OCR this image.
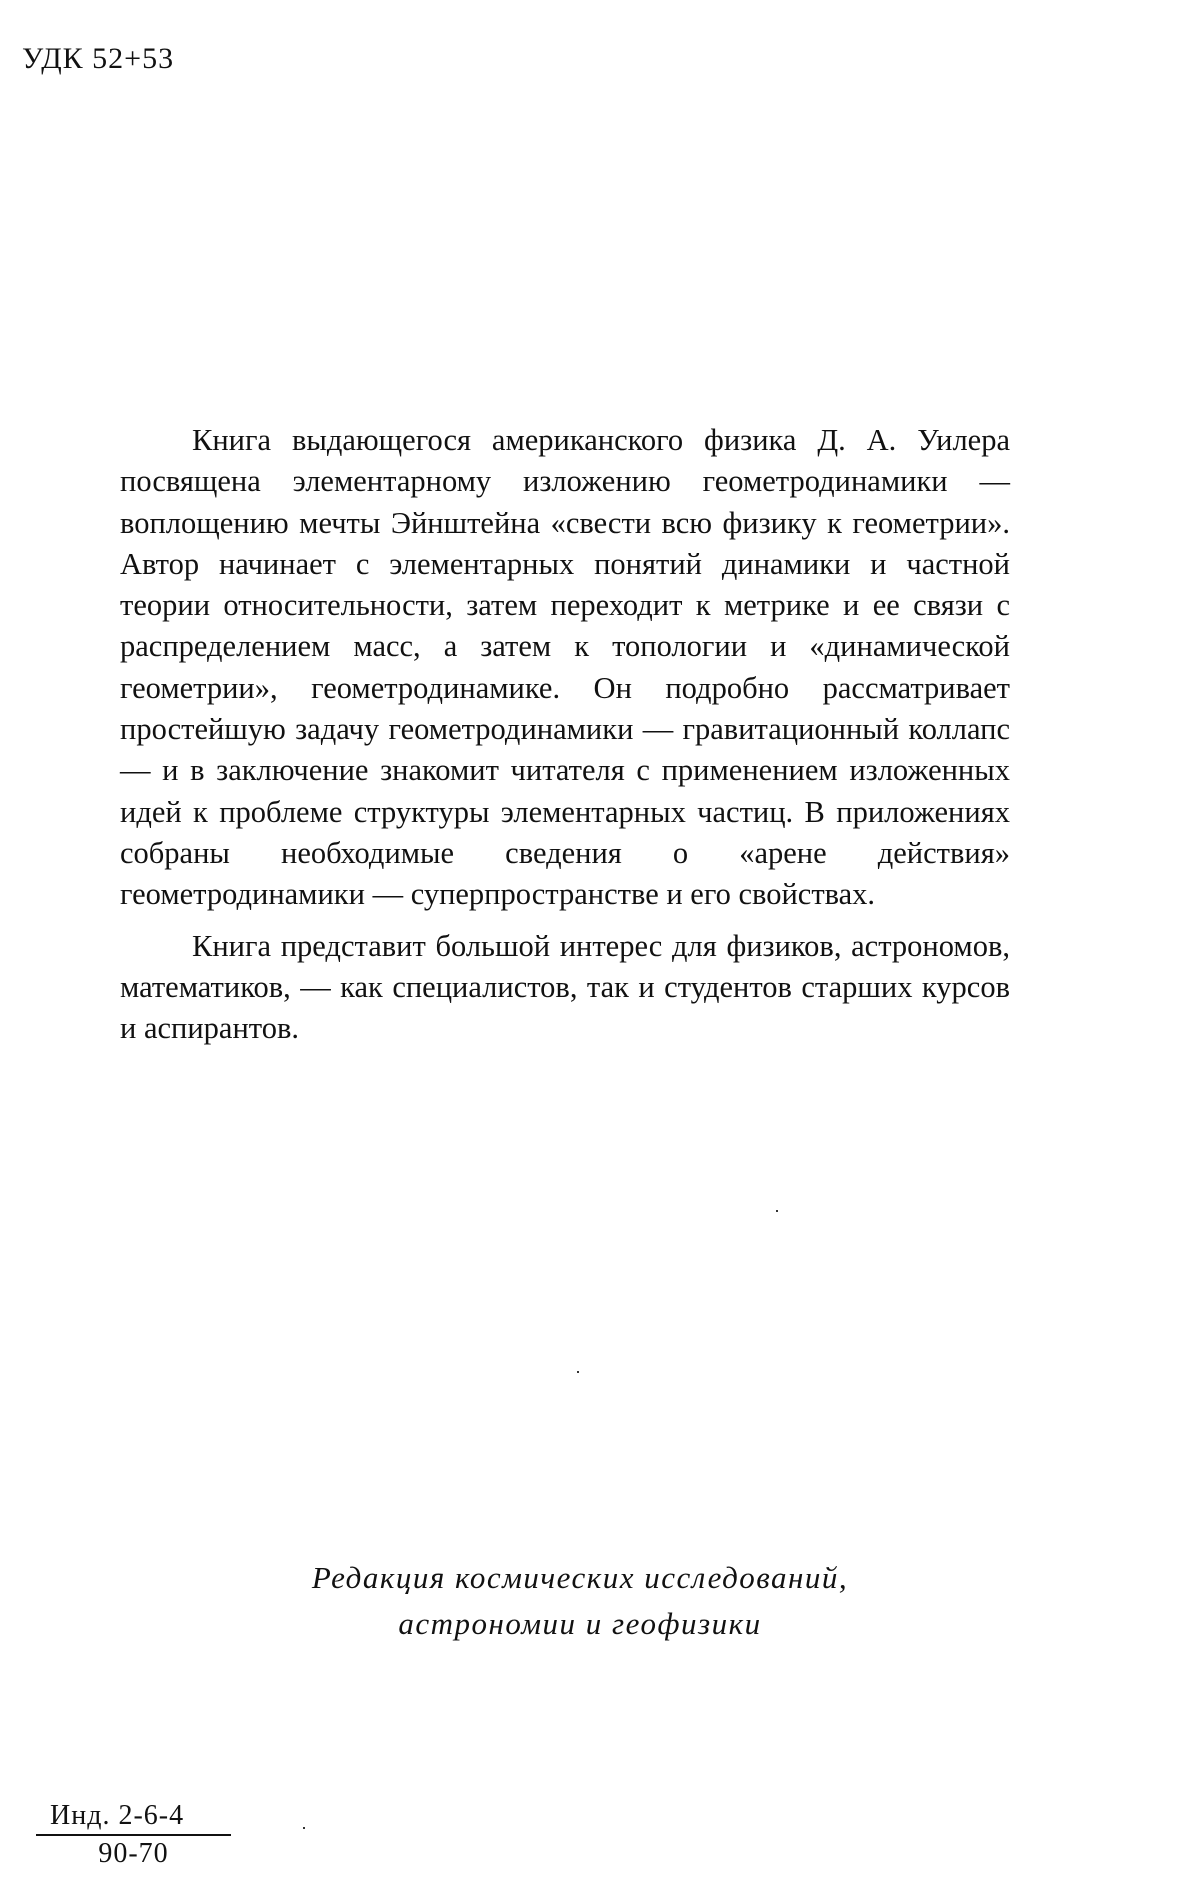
УДК 52+53

Книга выдающегося американского физика Д. А. Уилера посвящена элементарному изложению геометродинамики — воплощению мечты Эйнштейна «свести всю физику к геометрии». Автор начинает с элементарных понятий динамики и частной теории относительности, затем переходит к метрике и ее связи с распределением масс, а затем к топологии и «динамической геометрии», геометродинамике. Он подробно рассматривает простейшую задачу геометродинамики — гравитационный коллапс — и в заключение знакомит читателя с применением изложенных идей к проблеме структуры элементарных частиц. В приложениях собраны необходимые сведения о «арене действия» геометродинамики — суперпространстве и его свойствах.

Книга представит большой интерес для физиков, астрономов, математиков, — как специалистов, так и студентов старших курсов и аспирантов.

Редакция космических исследований,
астрономии и геофизики
Инд. 2-6-4
90-70
